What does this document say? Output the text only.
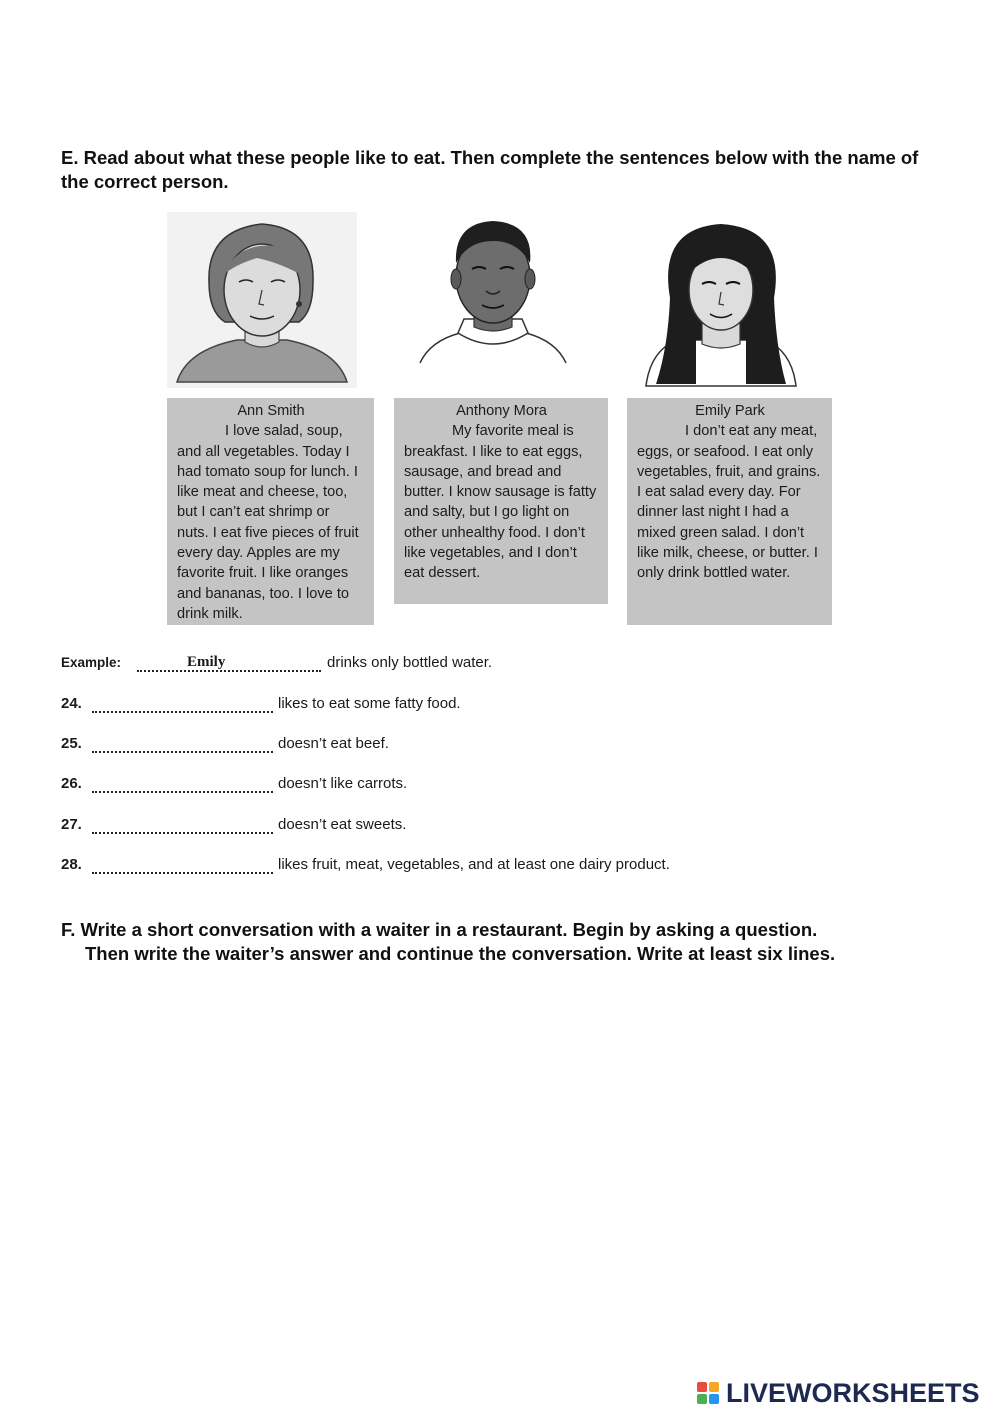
E. Read about what these people like to eat. Then complete the sentences below with the name of the correct person.
Ann Smith
I love salad, soup, and all vegetables. Today I had tomato soup for lunch. I like meat and cheese, too, but I can’t eat shrimp or nuts. I eat five pieces of fruit every day. Apples are my favorite fruit. I like oranges and bananas, too. I love to drink milk.
Anthony Mora
My favorite meal is breakfast. I like to eat eggs, sausage, and bread and butter. I know sausage is fatty and salty, but I go light on other unhealthy food. I don’t like vegetables, and I don’t eat dessert.
Emily Park
I don’t eat any meat, eggs, or seafood. I eat only vegetables, fruit, and grains. I eat salad every day. For dinner last night I had a mixed green salad. I don’t like milk, cheese, or butter. I only drink bottled water.
Example:	Emily	drinks only bottled water.
24.	likes to eat some fatty food.
25.	doesn’t eat beef.
26.	doesn’t like carrots.
27.	doesn’t eat sweets.
28.	likes fruit, meat, vegetables, and at least one dairy product.
F. Write a short conversation with a waiter in a restaurant. Begin by asking a question.
Then write the waiter’s answer and continue the conversation. Write at least six lines.
LIVEWORKSHEETS
